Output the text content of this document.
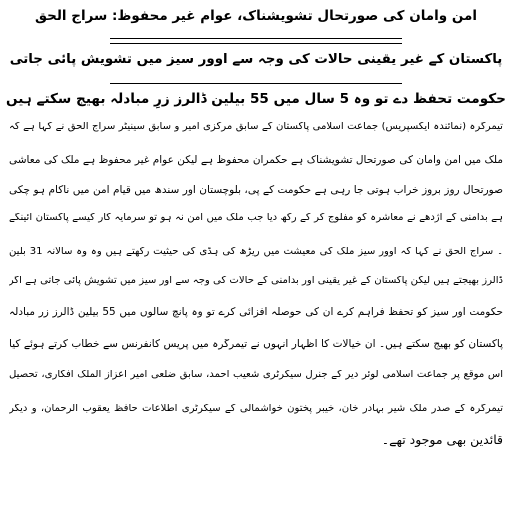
امن وامان کی صورتحال تشویشناک، عوام غیر محفوظ: سراج الحق
پاکستان کے غیر یقینی حالات کی وجہ سے اوور سیز میں تشویش پائی جاتی
حکومت تحفظ دے تو وہ 5 سال میں 55 بیلین ڈالرز زرِ مبادلہ بھیج سکتے ہیں
تیمرگرہ (نمائندہ ایکسپریس) جماعت اسلامی پاکستان کے سابق مرکزی امیر و سابق سینیٹر سراج الحق نے کہا ہے کہ
ملک میں امن وامان کی صورتحال تشویشناک ہے حکمران محفوظ ہے لیکن عوام غیر محفوظ ہے ملک کی معاشی
صورتحال روز بروز خراب ہوتی جا رہی ہے حکومت کے پی، بلوچستان اور سندھ میں قیام امن میں ناکام ہو چکی
ہے بدامنی کے اژدھے نے معاشرہ کو مفلوج کر کے رکھ دیا جب ملک میں امن نہ ہو تو سرمایہ کار کیسے پاکستان آئینگے
۔ سراج الحق نے کہا کہ اوور سیز ملک کی معیشت میں ریڑھ کی ہڈی کی حیثیت رکھتے ہیں وہ وہ سالانہ 31 بلین
ڈالرز بھیجتے ہیں لیکن پاکستان کے غیر یقینی اور بدامنی کے حالات کی وجہ سے اور سیز میں تشویش پائی جاتی ہے اگر
حکومت اور سیز کو تحفظ فراہم کرے ان کی حوصلہ افزائی کرے تو وہ پانچ سالوں میں 55 بیلین ڈالرز زر مبادلہ
پاکستان کو بھیج سکتے ہیں۔ ان خیالات کا اظہار انہوں نے تیمرگرہ میں پریس کانفرنس سے خطاب کرتے ہوئے کیا
اس موقع پر جماعت اسلامی لوئر دیر کے جنرل سیکرٹری شعیب احمد، سابق ضلعی امیر اعزاز الملک افکاری، تحصیل
تیمرگرہ کے صدر ملک شیر بہادر خان، خیبر پختون خواشمالی کے سیکرٹری اطلاعات حافظ یعقوب الرحمان، و دیگر
قائدین بھی موجود تھے۔
